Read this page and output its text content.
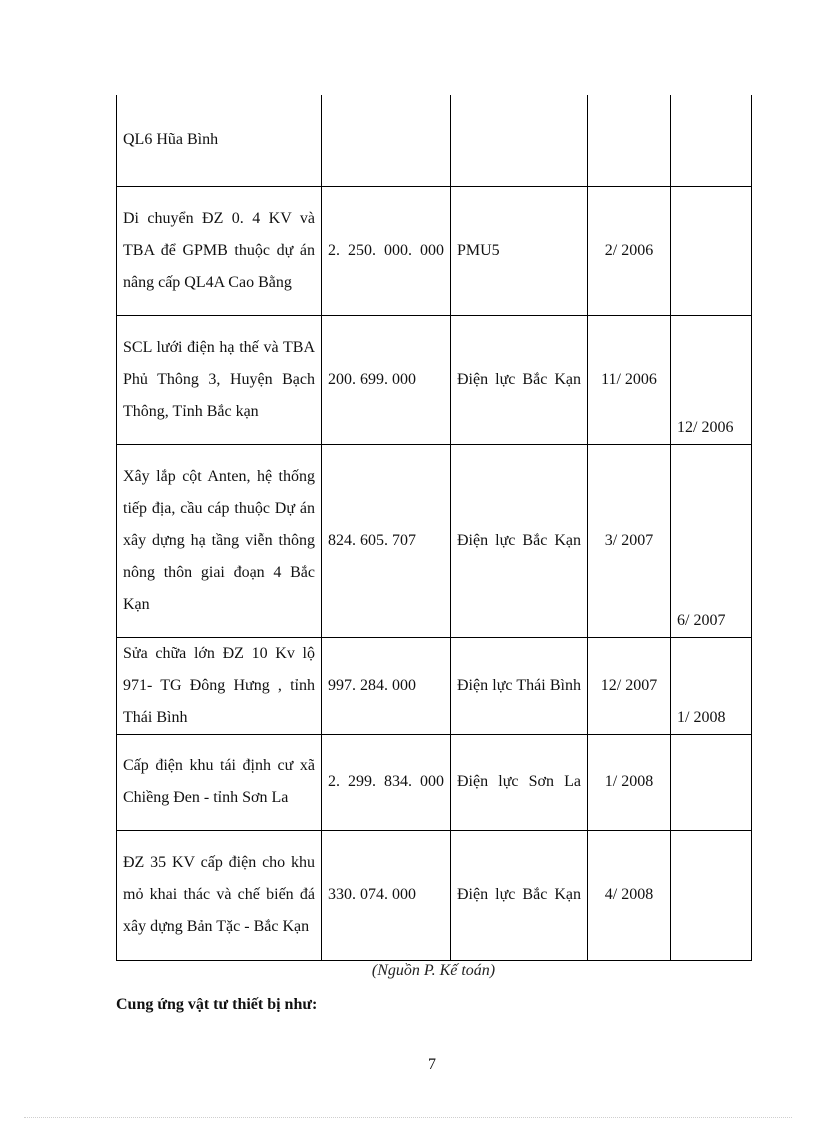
QL6 Hũa Bình				
Di chuyển ĐZ 0. 4 KV và TBA để GPMB thuộc dự án nâng cấp QL4A Cao Bằng	2. 250. 000. 000	PMU5	2/ 2006	
SCL lưới điện hạ thế và TBA Phủ Thông 3, Huyện Bạch Thông, Tỉnh Bắc kạn	200. 699. 000	Điện lực Bắc Kạn	11/ 2006	12/ 2006
Xây lắp cột Anten, hệ thống tiếp địa, cầu cáp thuộc Dự án xây dựng hạ tầng viễn thông nông thôn giai đoạn 4 Bắc Kạn	824. 605. 707	Điện lực Bắc Kạn	3/ 2007	6/ 2007
Sửa chữa lớn ĐZ 10 Kv lộ 971- TG Đông Hưng , tỉnh Thái Bình	997. 284. 000	Điện lực Thái Bình	12/ 2007	1/ 2008
Cấp điện khu tái định cư xã Chiềng Đen - tỉnh Sơn La	2. 299. 834. 000	Điện lực Sơn La	1/ 2008	
ĐZ 35 KV cấp điện cho khu mỏ khai thác và chế biến đá xây dựng Bản Tặc - Bắc Kạn	330. 074. 000	Điện lực Bắc Kạn	4/ 2008	
(Nguồn P. Kế toán)
Cung ứng vật tư thiết bị như:
7
